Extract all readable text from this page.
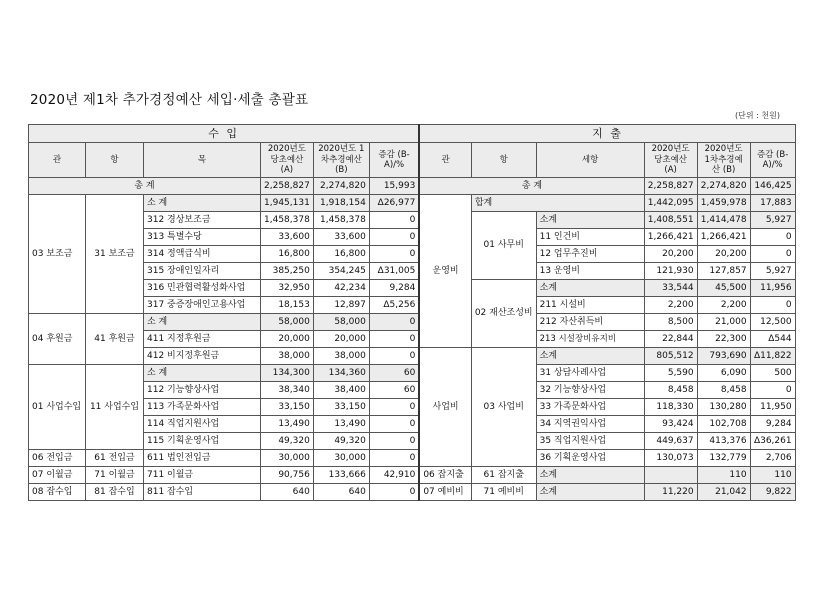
2020년 제1차 추가경정예산 세입·세출 총괄표
(단위 : 천원)
수 입						지 출					
관	항	목	2020년도 당초예산 (A)	2020년도 1차추경예산 (B)	증감 (B-A)/%	관	항	세항	2020년도 당초예산 (A)	2020년도 1차추경예산 (B)	증감 (B-A)/%
총 계			2,258,827	2,274,820	15,993	총 계			2,258,827	2,274,820	146,425
03 보조금	31 보조금	소 계	1,945,131	1,918,154	Δ26,977	운영비	합계		1,442,095	1,459,978	17,883
		312 경상보조금	1,458,378	1,458,378	0		01 사무비	소계	1,408,551	1,414,478	5,927
		313 특별수당	33,600	33,600	0			11 인건비	1,266,421	1,266,421	0
		314 정액급식비	16,800	16,800	0			12 업무추진비	20,200	20,200	0
		315 장애인일자리	385,250	354,245	Δ31,005			13 운영비	121,930	127,857	5,927
		316 민관협력활성화사업	32,950	42,234	9,284		02 재산조성비	소계	33,544	45,500	11,956
		317 중증장애인고용사업	18,153	12,897	Δ5,256			211 시설비	2,200	2,200	0
04 후원금	41 후원금	소 계	58,000	58,000	0			212 자산취득비	8,500	21,000	12,500
		411 지정후원금	20,000	20,000	0			213 시설장비유지비	22,844	22,300	Δ544
		412 비지정후원금	38,000	38,000	0	사업비	03 사업비	소계	805,512	793,690	Δ11,822
01 사업수입	11 사업수입	소 계	134,300	134,360	60			31 상담사례사업	5,590	6,090	500
		112 기능향상사업	38,340	38,400	60			32 기능향상사업	8,458	8,458	0
		113 가족문화사업	33,150	33,150	0			33 가족문화사업	118,330	130,280	11,950
		114 직업지원사업	13,490	13,490	0			34 지역권익사업	93,424	102,708	9,284
		115 기획운영사업	49,320	49,320	0			35 직업지원사업	449,637	413,376	Δ36,261
06 전입금	61 전입금	611 법인전입금	30,000	30,000	0			36 기획운영사업	130,073	132,779	2,706
07 이월금	71 이월금	711 이월금	90,756	133,666	42,910	06 잡지출	61 잡지출	소계		110	110
08 잡수입	81 잡수입	811 잡수입	640	640	0	07 예비비	71 예비비	소계	11,220	21,042	9,822
